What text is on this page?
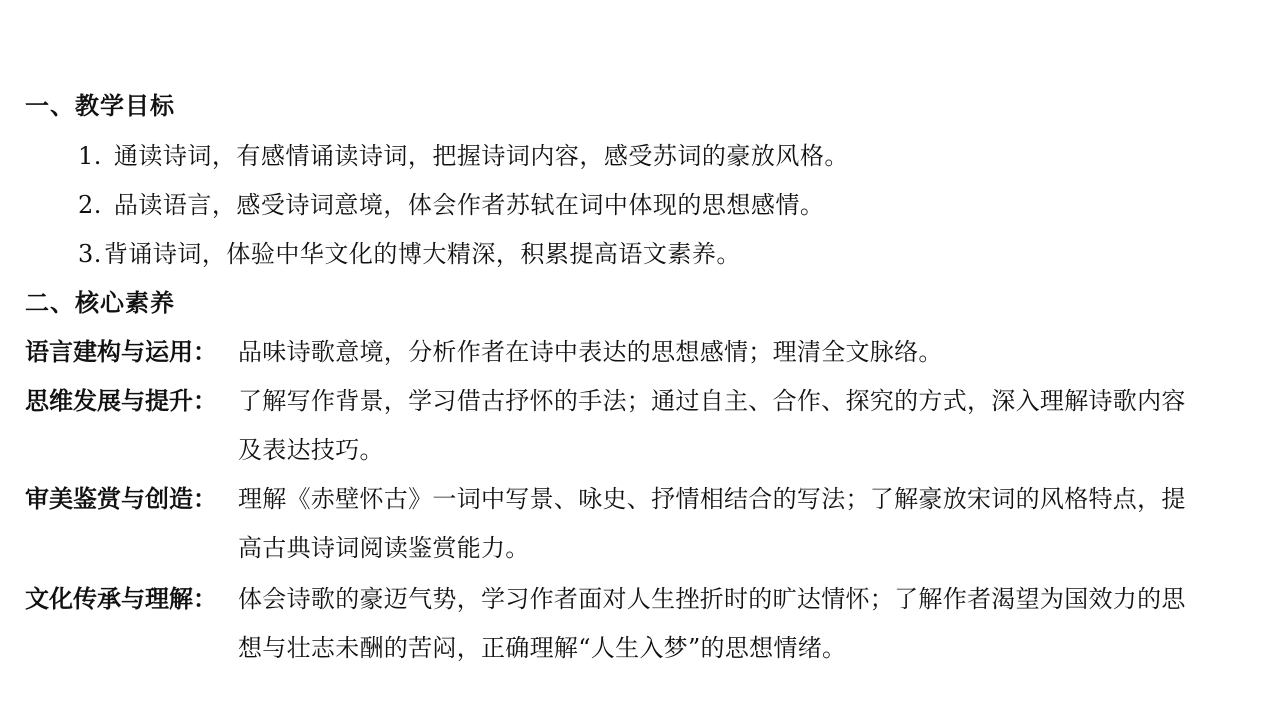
一、教学目标
1. 通读诗词，有感情诵读诗词，把握诗词内容，感受苏词的豪放风格。
2. 品读语言，感受诗词意境，体会作者苏轼在词中体现的思想感情。
3.背诵诗词，体验中华文化的博大精深，积累提高语文素养。
二、核心素养
语言建构与运用： 品味诗歌意境，分析作者在诗中表达的思想感情；理清全文脉络。
思维发展与提升： 了解写作背景，学习借古抒怀的手法；通过自主、合作、探究的方式，深入理解诗歌内容及表达技巧。
审美鉴赏与创造： 理解《赤壁怀古》一词中写景、咏史、抒情相结合的写法；了解豪放宋词的风格特点，提高古典诗词阅读鉴赏能力。
文化传承与理解： 体会诗歌的豪迈气势，学习作者面对人生挫折时的旷达情怀；了解作者渴望为国效力的思想与壮志未酬的苦闷，正确理解“人生入梦”的思想情绪。
